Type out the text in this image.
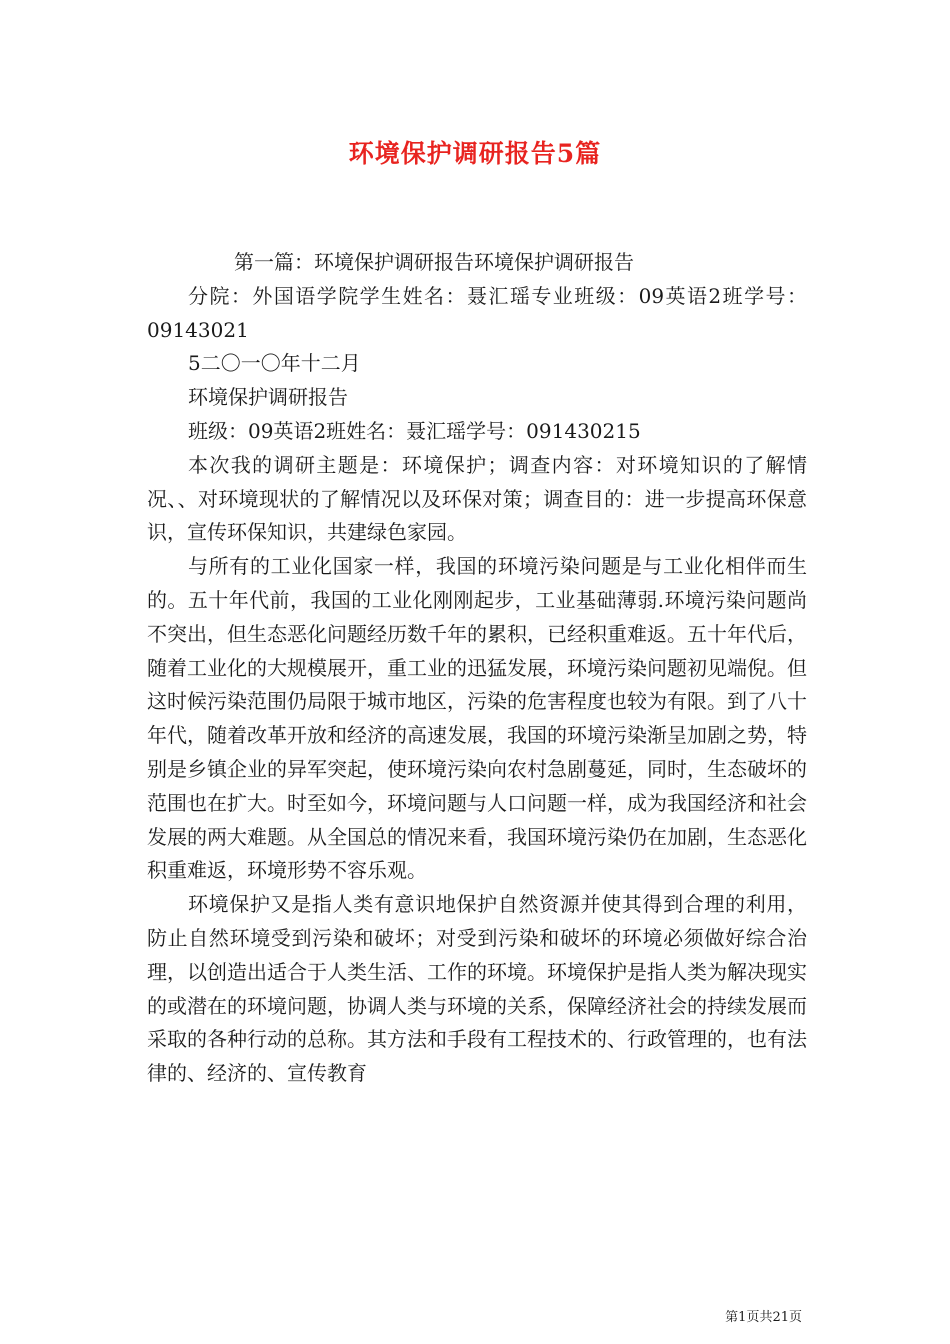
环境保护调研报告5篇

第一篇：环境保护调研报告环境保护调研报告

分院：外国语学院学生姓名：聂汇瑶专业班级：09英语2班学号：09143021

5二〇一〇年十二月

环境保护调研报告

班级：09英语2班姓名：聂汇瑶学号：091430215

本次我的调研主题是：环境保护；调查内容：对环境知识的了解情况、、对环境现状的了解情况以及环保对策；调查目的：进一步提高环保意识，宣传环保知识，共建绿色家园。

与所有的工业化国家一样，我国的环境污染问题是与工业化相伴而生的。五十年代前，我国的工业化刚刚起步，工业基础薄弱.环境污染问题尚不突出，但生态恶化问题经历数千年的累积，已经积重难返。五十年代后，随着工业化的大规模展开，重工业的迅猛发展，环境污染问题初见端倪。但这时候污染范围仍局限于城市地区，污染的危害程度也较为有限。到了八十年代，随着改革开放和经济的高速发展，我国的环境污染渐呈加剧之势，特别是乡镇企业的异军突起，使环境污染向农村急剧蔓延，同时，生态破坏的范围也在扩大。时至如今，环境问题与人口问题一样，成为我国经济和社会发展的两大难题。从全国总的情况来看，我国环境污染仍在加剧，生态恶化积重难返，环境形势不容乐观。

环境保护又是指人类有意识地保护自然资源并使其得到合理的利用，防止自然环境受到污染和破坏；对受到污染和破坏的环境必须做好综合治理，以创造出适合于人类生活、工作的环境。环境保护是指人类为解决现实的或潜在的环境问题，协调人类与环境的关系，保障经济社会的持续发展而采取的各种行动的总称。其方法和手段有工程技术的、行政管理的，也有法律的、经济的、宣传教育

第1页共21页
